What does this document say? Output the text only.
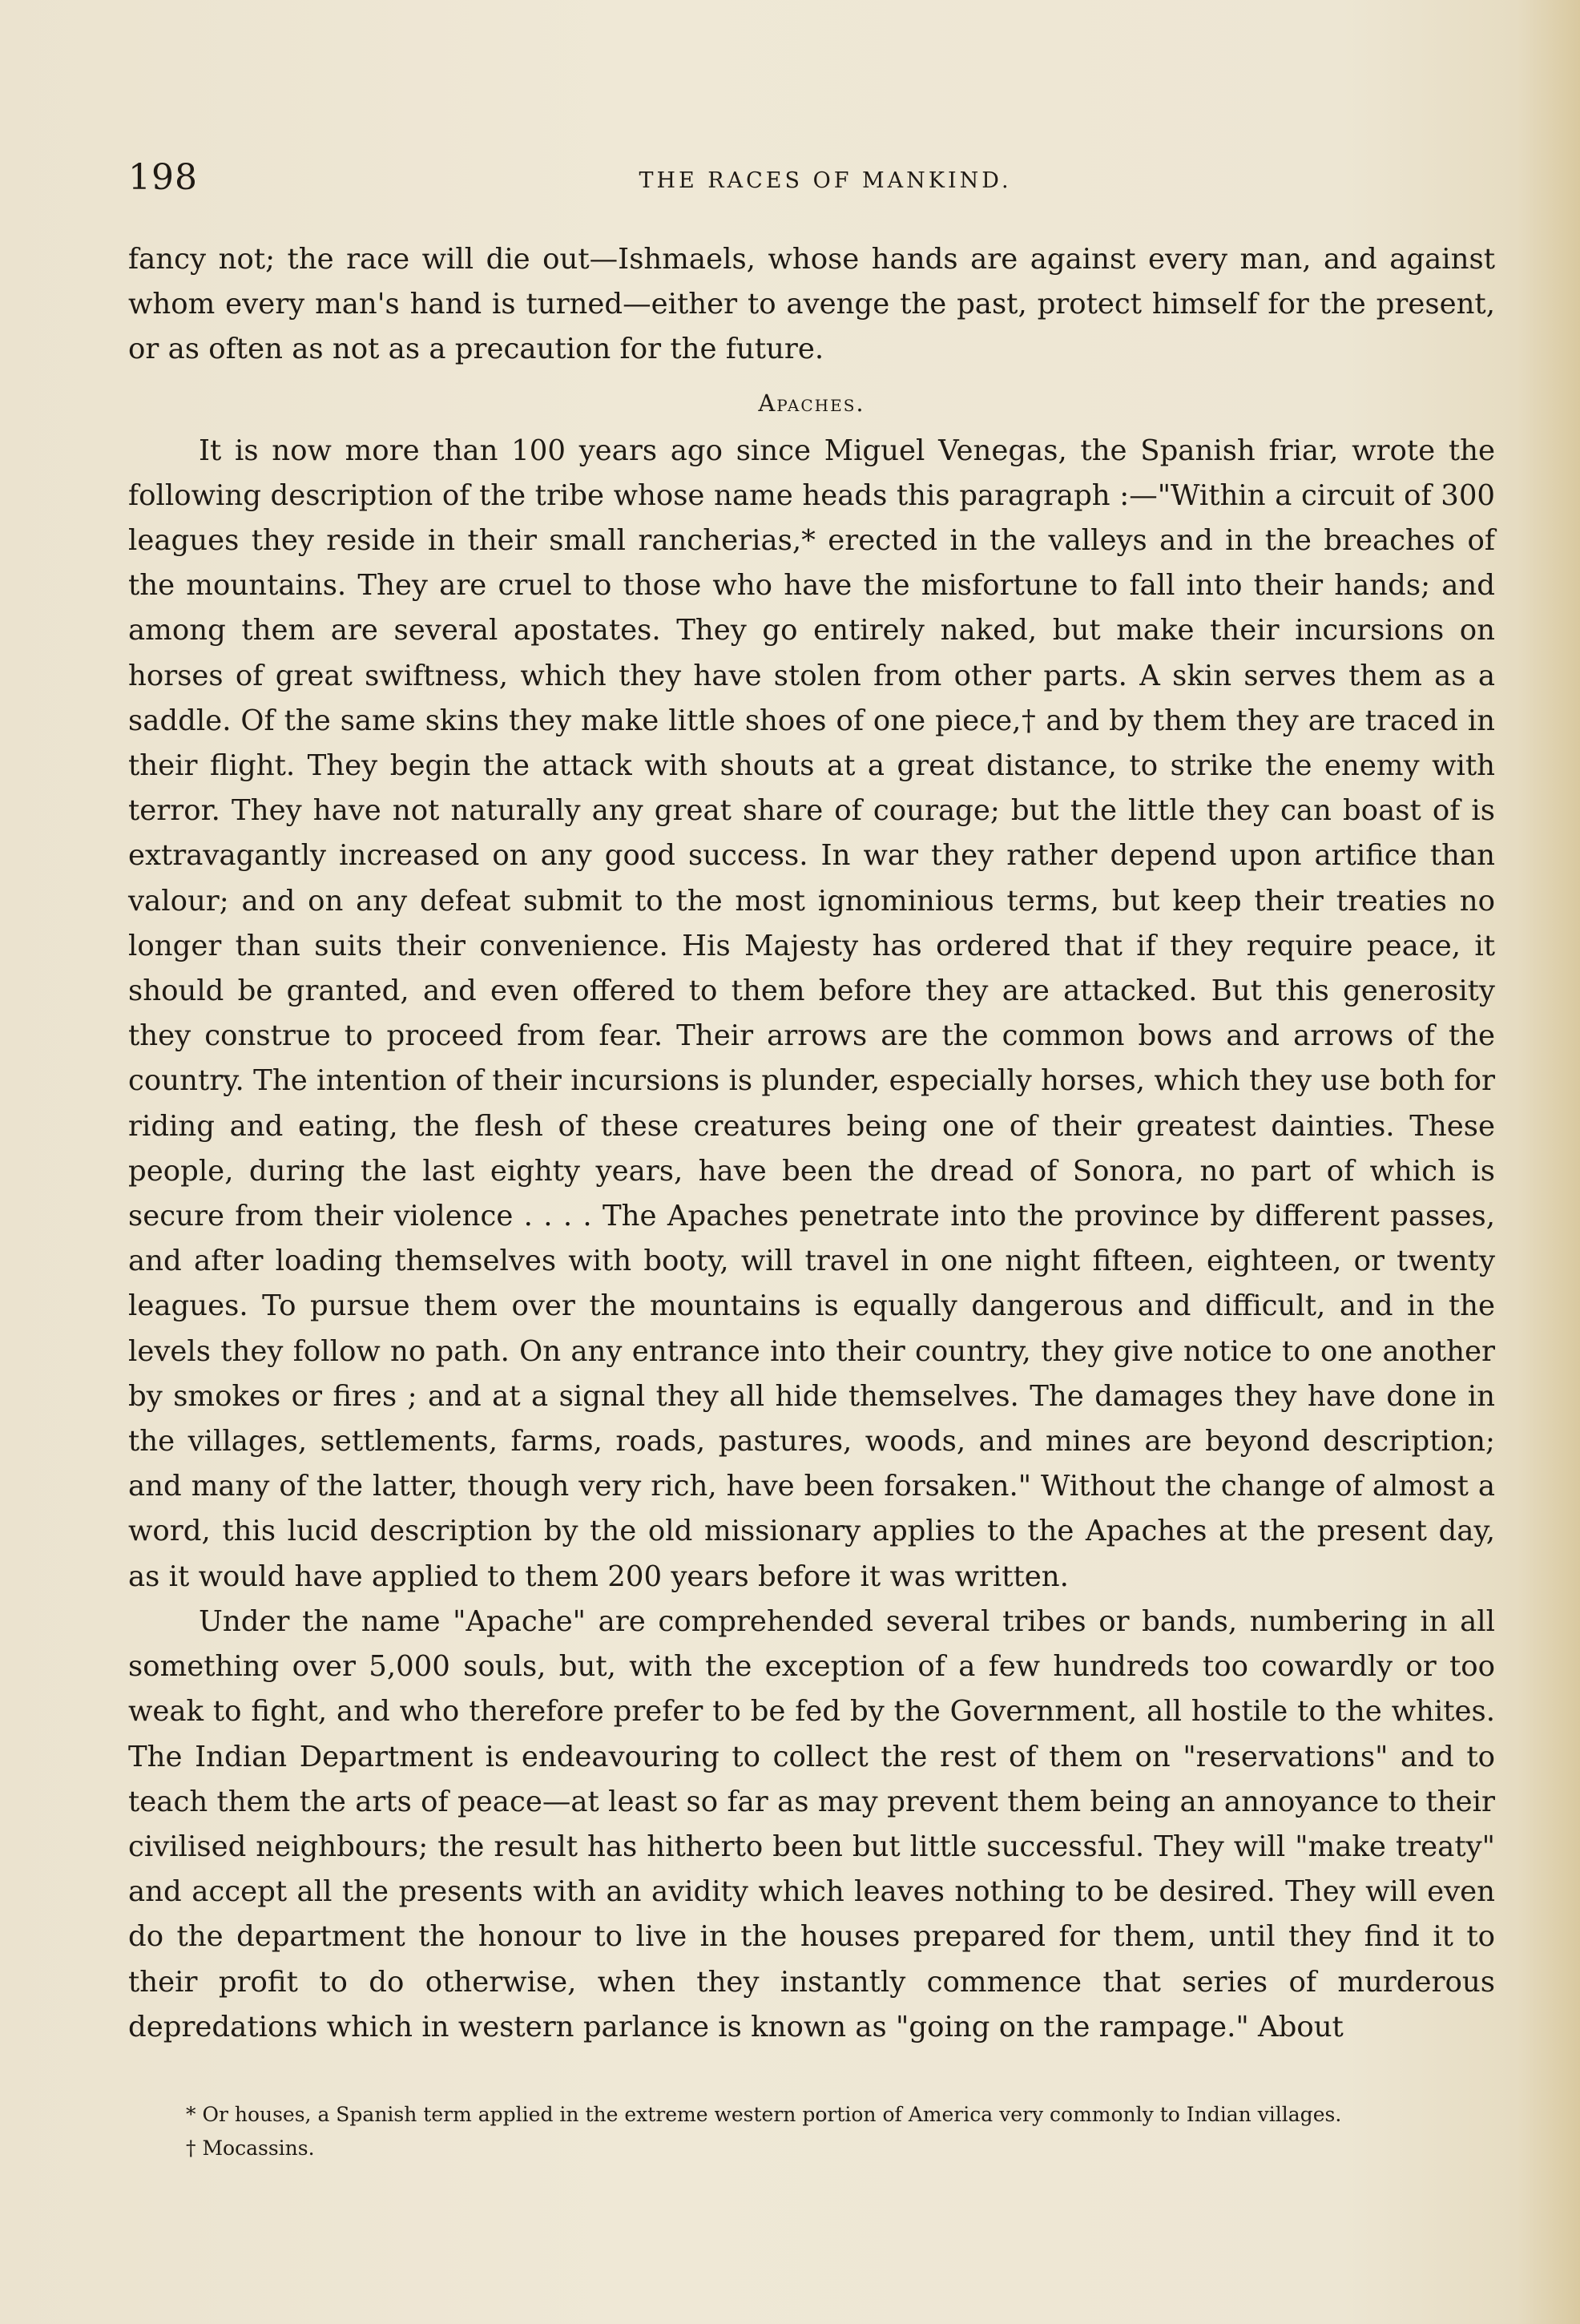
198	THE RACES OF MANKIND.

fancy not; the race will die out—Ishmaels, whose hands are against every man, and against whom every man's hand is turned—either to avenge the past, protect himself for the present, or as often as not as a precaution for the future.

Apaches.

It is now more than 100 years ago since Miguel Venegas, the Spanish friar, wrote the following description of the tribe whose name heads this paragraph :—"Within a circuit of 300 leagues they reside in their small rancherias,* erected in the valleys and in the breaches of the mountains. They are cruel to those who have the misfortune to fall into their hands; and among them are several apostates. They go entirely naked, but make their incursions on horses of great swiftness, which they have stolen from other parts. A skin serves them as a saddle. Of the same skins they make little shoes of one piece,† and by them they are traced in their flight. They begin the attack with shouts at a great distance, to strike the enemy with terror. They have not naturally any great share of courage; but the little they can boast of is extravagantly increased on any good success. In war they rather depend upon artifice than valour; and on any defeat submit to the most ignominious terms, but keep their treaties no longer than suits their convenience. His Majesty has ordered that if they require peace, it should be granted, and even offered to them before they are attacked. But this generosity they construe to proceed from fear. Their arrows are the common bows and arrows of the country. The intention of their incursions is plunder, especially horses, which they use both for riding and eating, the flesh of these creatures being one of their greatest dainties. These people, during the last eighty years, have been the dread of Sonora, no part of which is secure from their violence . . . . The Apaches penetrate into the province by different passes, and after loading themselves with booty, will travel in one night fifteen, eighteen, or twenty leagues. To pursue them over the mountains is equally dangerous and difficult, and in the levels they follow no path. On any entrance into their country, they give notice to one another by smokes or fires ; and at a signal they all hide themselves. The damages they have done in the villages, settlements, farms, roads, pastures, woods, and mines are beyond description; and many of the latter, though very rich, have been forsaken." Without the change of almost a word, this lucid description by the old missionary applies to the Apaches at the present day, as it would have applied to them 200 years before it was written.

Under the name "Apache" are comprehended several tribes or bands, numbering in all something over 5,000 souls, but, with the exception of a few hundreds too cowardly or too weak to fight, and who therefore prefer to be fed by the Government, all hostile to the whites. The Indian Department is endeavouring to collect the rest of them on "reservations" and to teach them the arts of peace—at least so far as may prevent them being an annoyance to their civilised neighbours; the result has hitherto been but little successful. They will "make treaty" and accept all the presents with an avidity which leaves nothing to be desired. They will even do the department the honour to live in the houses prepared for them, until they find it to their profit to do otherwise, when they instantly commence that series of murderous depredations which in western parlance is known as "going on the rampage." About

* Or houses, a Spanish term applied in the extreme western portion of America very commonly to Indian villages.

† Mocassins.
